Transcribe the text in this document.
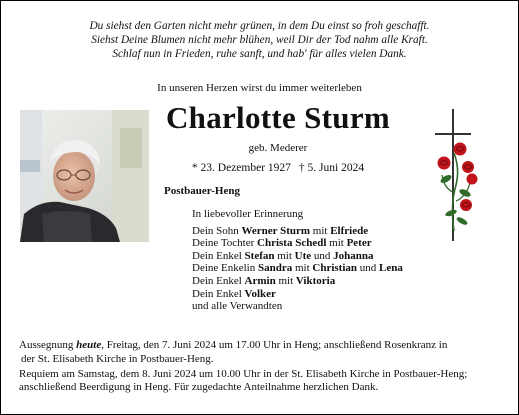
Du siehst den Garten nicht mehr grünen, in dem Du einst so froh geschafft.
Siehst Deine Blumen nicht mehr blühen, weil Dir der Tod nahm alle Kraft.
Schlaf nun in Frieden, ruhe sanft, und hab' für alles vielen Dank.
In unseren Herzen wirst du immer weiterleben
Charlotte Sturm
geb. Mederer
* 23. Dezember 1927 † 5. Juni 2024
Postbauer-Heng
In liebevoller Erinnerung
Dein Sohn Werner Sturm mit Elfriede
Deine Tochter Christa Schedl mit Peter
Dein Enkel Stefan mit Ute und Johanna
Deine Enkelin Sandra mit Christian und Lena
Dein Enkel Armin mit Viktoria
Dein Enkel Volker
und alle Verwandten
Aussegnung heute, Freitag, den 7. Juni 2024 um 17.00 Uhr in Heng; anschließend Rosenkranz in
der St. Elisabeth Kirche in Postbauer-Heng.
Requiem am Samstag, dem 8. Juni 2024 um 10.00 Uhr in der St. Elisabeth Kirche in Postbauer-Heng;
anschließend Beerdigung in Heng. Für zugedachte Anteilnahme herzlichen Dank.
